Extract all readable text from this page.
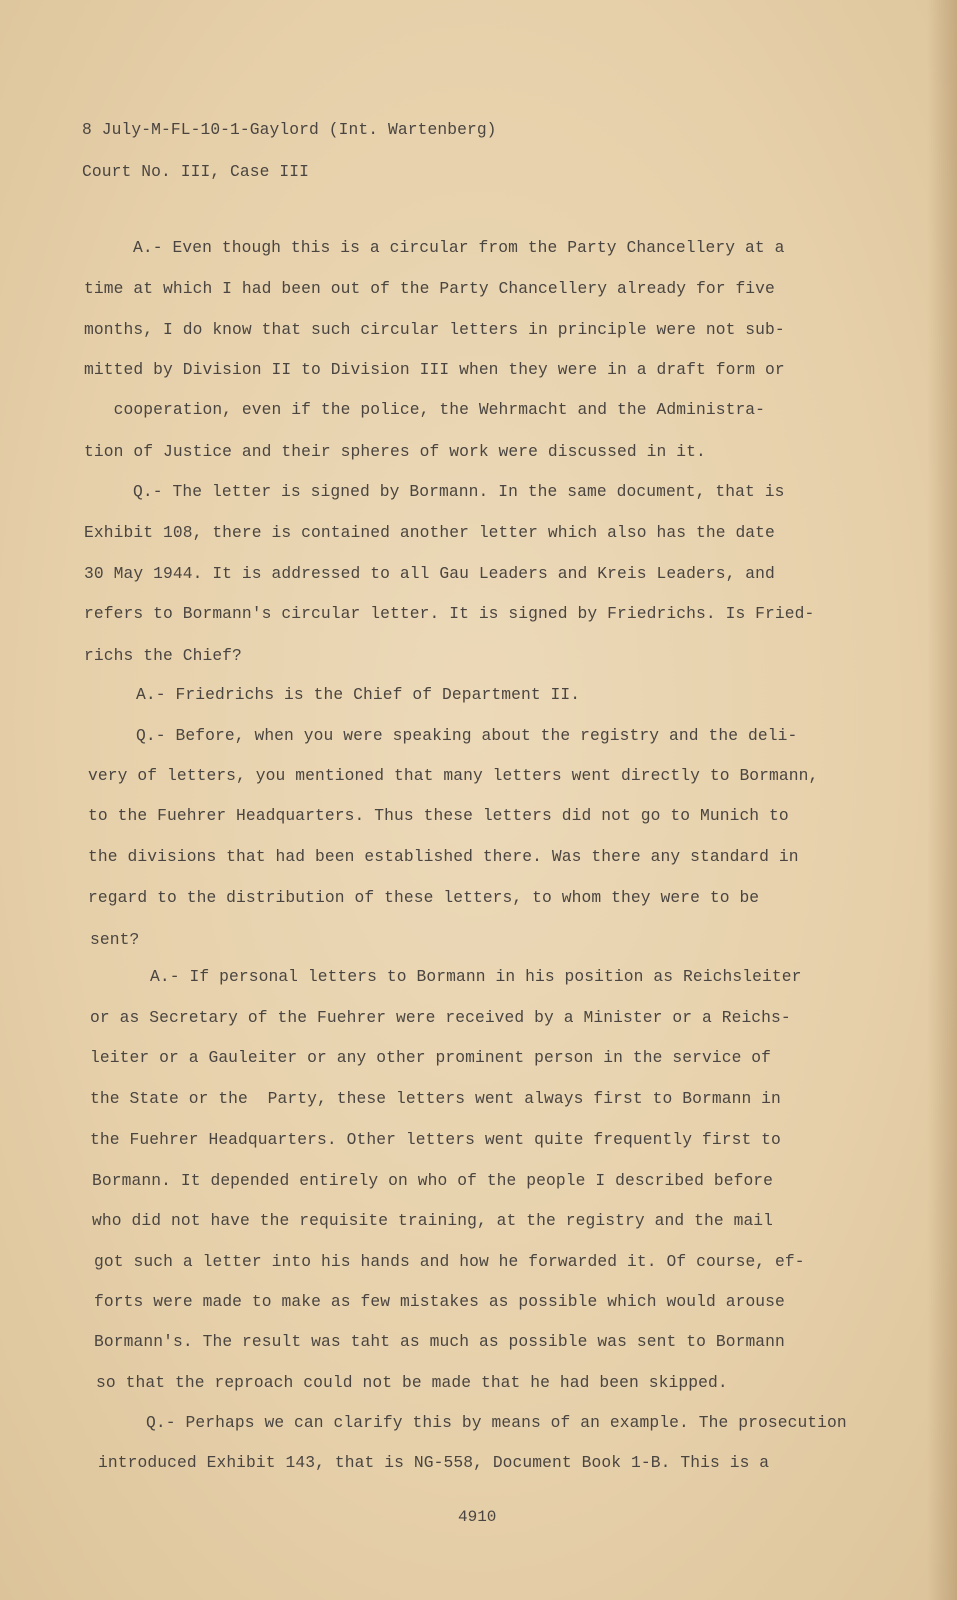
8 July-M-FL-10-1-Gaylord (Int. Wartenberg)
Court No. III, Case III
A.- Even though this is a circular from the Party Chancellery at a
time at which I had been out of the Party Chancellery already for five
months, I do know that such circular letters in principle were not sub-
mitted by Division II to Division III when they were in a draft form or
cooperation, even if the police, the Wehrmacht and the Administra-
tion of Justice and their spheres of work were discussed in it.
Q.- The letter is signed by Bormann. In the same document, that is
Exhibit 108, there is contained another letter which also has the date
30 May 1944. It is addressed to all Gau Leaders and Kreis Leaders, and
refers to Bormann's circular letter. It is signed by Friedrichs. Is Fried-
richs the Chief?
A.- Friedrichs is the Chief of Department II.
Q.- Before, when you were speaking about the registry and the deli-
very of letters, you mentioned that many letters went directly to Bormann,
to the Fuehrer Headquarters. Thus these letters did not go to Munich to
the divisions that had been established there. Was there any standard in
regard to the distribution of these letters, to whom they were to be
sent?
A.- If personal letters to Bormann in his position as Reichsleiter
or as Secretary of the Fuehrer were received by a Minister or a Reichs-
leiter or a Gauleiter or any other prominent person in the service of
the State or the  Party, these letters went always first to Bormann in
the Fuehrer Headquarters. Other letters went quite frequently first to
Bormann. It depended entirely on who of the people I described before
who did not have the requisite training, at the registry and the mail
got such a letter into his hands and how he forwarded it. Of course, ef-
forts were made to make as few mistakes as possible which would arouse
Bormann's. The result was taht as much as possible was sent to Bormann
so that the reproach could not be made that he had been skipped.
Q.- Perhaps we can clarify this by means of an example. The prosecution
introduced Exhibit 143, that is NG-558, Document Book 1-B. This is a
4910
